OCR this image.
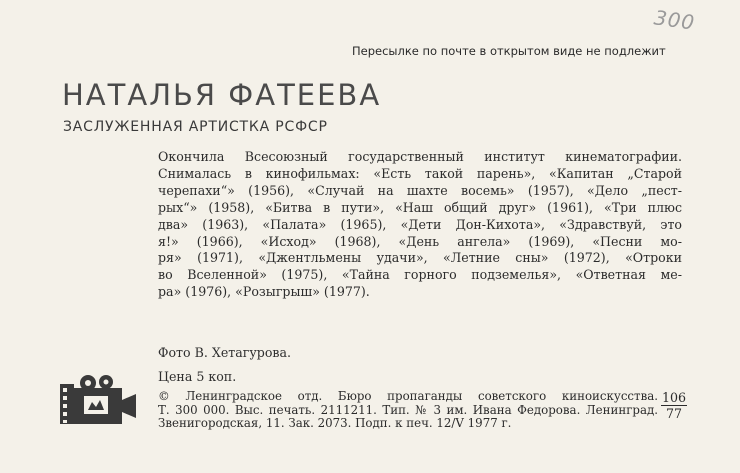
300
Пересылке по почте в открытом виде не подлежит
НАТАЛЬЯ ФАТЕЕВА
ЗАСЛУЖЕННАЯ АРТИСТКА РСФСР
Окончила Всесоюзный государственный институт кинематографии.
Снималась в кинофильмах: «Есть такой парень», «Капитан „Старой
черепахи“» (1956), «Случай на шахте восемь» (1957), «Дело „пест-
рых“» (1958), «Битва в пути», «Наш общий друг» (1961), «Три плюс
два» (1963), «Палата» (1965), «Дети Дон-Кихота», «Здравствуй, это
я!» (1966), «Исход» (1968), «День ангела» (1969), «Песни мо-
ря» (1971), «Джентльмены удачи», «Летние сны» (1972), «Отроки
во Вселенной» (1975), «Тайна горного подземелья», «Ответная ме-
ра» (1976), «Розыгрыш» (1977).
Фото В. Хетагурова.
Цена 5 коп.
© Ленинградское отд. Бюро пропаганды советского киноискусства.
Т. 300 000. Выс. печать. 2111211. Тип. № 3 им. Ивана Федорова. Ленинград.
Звенигородская, 11. Зак. 2073. Подп. к печ. 12/V 1977 г.
$\frac{106}{77}$
